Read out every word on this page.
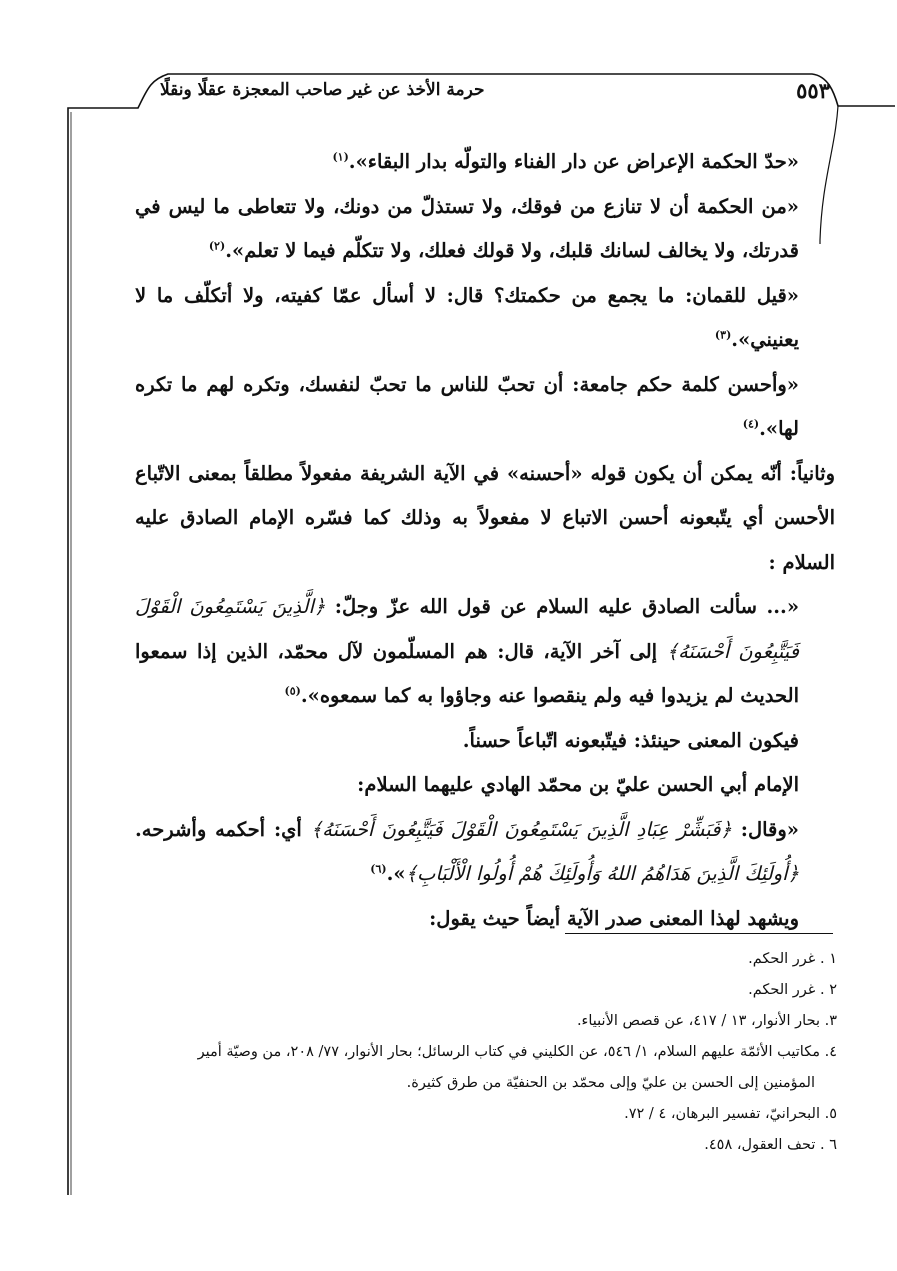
٥٥٣
حرمة الأخذ عن غير صاحب المعجزة عقلًا ونقلًا

«حدّ الحكمة الإعراض عن دار الفناء والتولّه بدار البقاء».$^{(١)}$

«من الحكمة أن لا تنازع من فوقك، ولا تستذلّ من دونك، ولا تتعاطى ما ليس في قدرتك، ولا يخالف لسانك قلبك، ولا قولك فعلك، ولا تتكلّم فيما لا تعلم».$^{(٢)}$

«قيل للقمان: ما يجمع من حكمتك؟ قال: لا أسأل عمّا كفيته، ولا أتكلّف ما لا يعنيني».$^{(٣)}$

«وأحسن كلمة حكم جامعة: أن تحبّ للناس ما تحبّ لنفسك، وتكره لهم ما تكره لها».$^{(٤)}$

وثانياً: أنّه يمكن أن يكون قوله «أحسنه» في الآية الشريفة مفعولاً مطلقاً بمعنى الاتّباع الأحسن أي يتّبعونه أحسن الاتباع لا مفعولاً به وذلك كما فسّره الإمام الصادق عليه السلام :

«... سألت الصادق عليه السلام عن قول الله عزّ وجلّ: ﴿الَّذِينَ يَسْتَمِعُونَ الْقَوْلَ فَيَتَّبِعُونَ أَحْسَنَهُ﴾ إلى آخر الآية، قال: هم المسلّمون لآل محمّد، الذين إذا سمعوا الحديث لم يزيدوا فيه ولم ينقصوا عنه وجاؤوا به كما سمعوه».$^{(٥)}$

فيكون المعنى حينئذ: فيتّبعونه اتّباعاً حسناً.

الإمام أبي الحسن عليّ بن محمّد الهادي عليهما السلام:

«وقال: ﴿فَبَشِّرْ عِبَادِ الَّذِينَ يَسْتَمِعُونَ الْقَوْلَ فَيَتَّبِعُونَ أَحْسَنَهُ﴾ أي: أحكمه وأشرحه. ﴿أُولَئِكَ الَّذِينَ هَدَاهُمُ اللهُ وَأُولَئِكَ هُمْ أُولُوا الْأَلْبَابِ﴾».$^{(٦)}$

ويشهد لهذا المعنى صدر الآية أيضاً حيث يقول:

١ . غرر الحكم.

٢ . غرر الحكم.

٣. بحار الأنوار، ١٣ / ٤١٧، عن قصص الأنبياء.

٤. مكاتيب الأئمّة عليهم السلام، ١/ ٥٤٦، عن الكليني في كتاب الرسائل؛ بحار الأنوار، ٧٧/ ٢٠٨، من وصيّة أمير

المؤمنين إلى الحسن بن عليّ وإلى محمّد بن الحنفيّة من طرق كثيرة.

٥. البحرانيّ، تفسير البرهان، ٤ / ٧٢.

٦ . تحف العقول، ٤٥٨.
